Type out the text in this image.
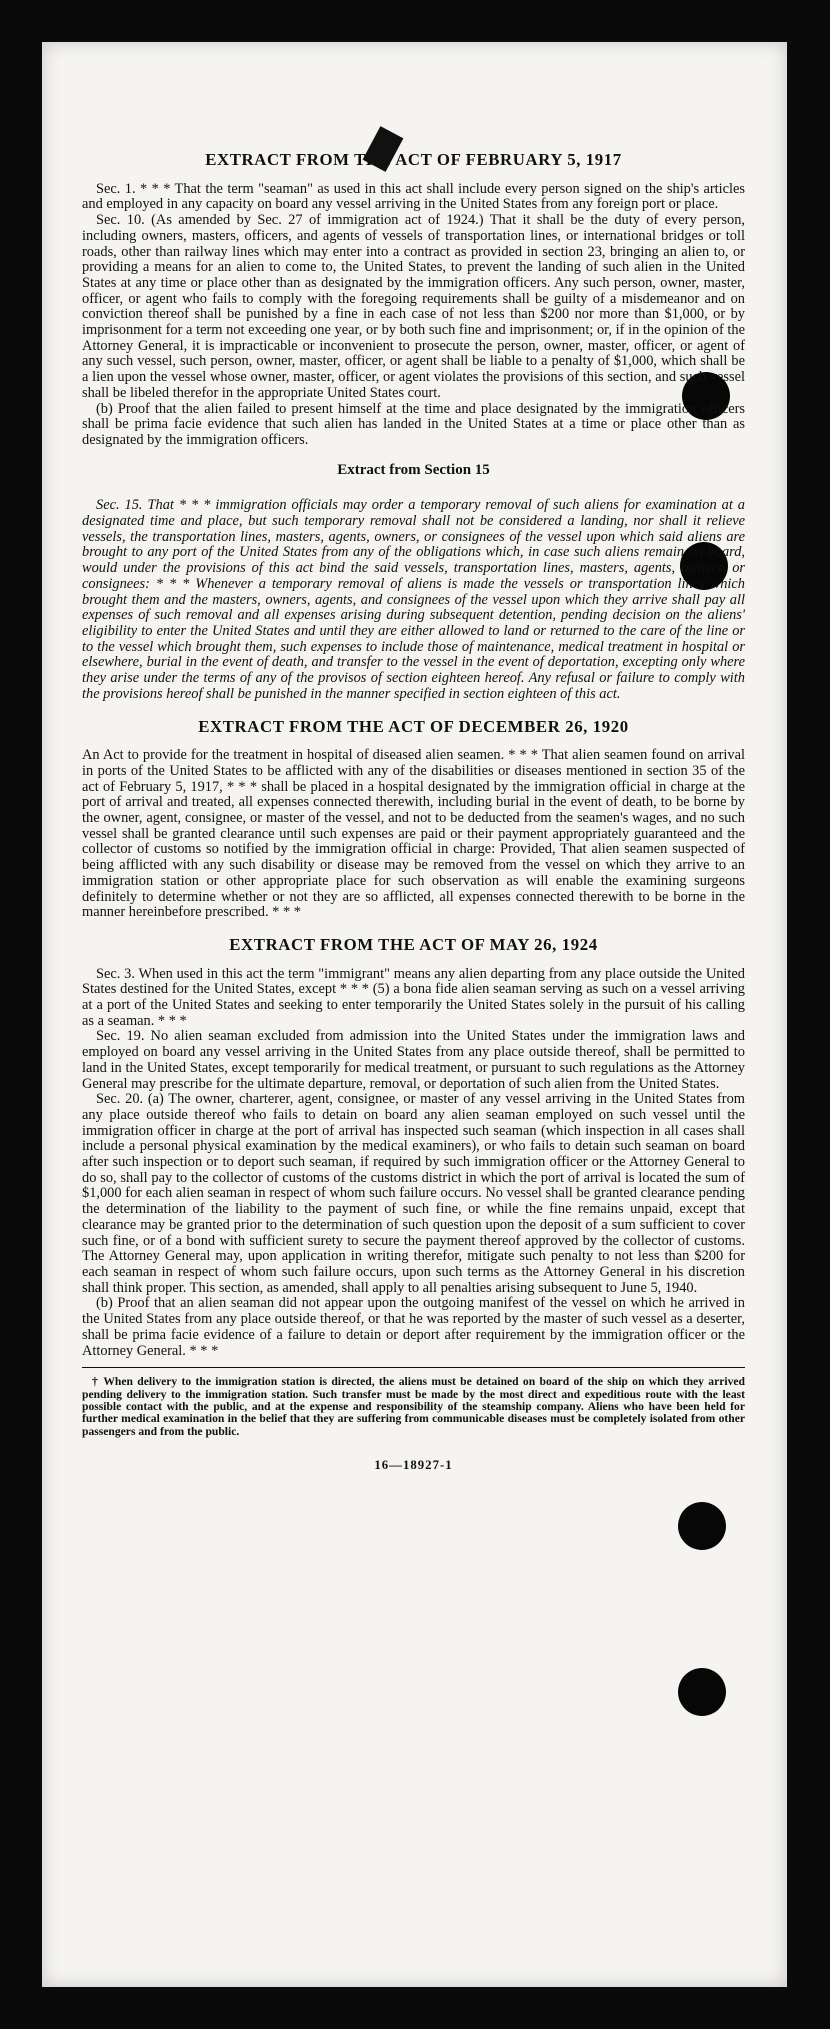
EXTRACT FROM THE ACT OF FEBRUARY 5, 1917

Sec. 1. * * * That the term "seaman" as used in this act shall include every person signed on the ship's articles and employed in any capacity on board any vessel arriving in the United States from any foreign port or place.

Sec. 10. (As amended by Sec. 27 of immigration act of 1924.) That it shall be the duty of every person, including owners, masters, officers, and agents of vessels of transportation lines, or international bridges or toll roads, other than railway lines which may enter into a contract as provided in section 23, bringing an alien to, or providing a means for an alien to come to, the United States, to prevent the landing of such alien in the United States at any time or place other than as designated by the immigration officers. Any such person, owner, master, officer, or agent who fails to comply with the foregoing requirements shall be guilty of a misdemeanor and on conviction thereof shall be punished by a fine in each case of not less than $200 nor more than $1,000, or by imprisonment for a term not exceeding one year, or by both such fine and imprisonment; or, if in the opinion of the Attorney General, it is impracticable or inconvenient to prosecute the person, owner, master, officer, or agent of any such vessel, such person, owner, master, officer, or agent shall be liable to a penalty of $1,000, which shall be a lien upon the vessel whose owner, master, officer, or agent violates the provisions of this section, and such vessel shall be libeled therefor in the appropriate United States court.

(b) Proof that the alien failed to present himself at the time and place designated by the immigration officers shall be prima facie evidence that such alien has landed in the United States at a time or place other than as designated by the immigration officers.

Extract from Section 15

Sec. 15. That * * * immigration officials may order a temporary removal of such aliens for examination at a designated time and place, but such temporary removal shall not be considered a landing, nor shall it relieve vessels, the transportation lines, masters, agents, owners, or consignees of the vessel upon which said aliens are brought to any port of the United States from any of the obligations which, in case such aliens remain on board, would under the provisions of this act bind the said vessels, transportation lines, masters, agents, owners, or consignees: * * * Whenever a temporary removal of aliens is made the vessels or transportation lines which brought them and the masters, owners, agents, and consignees of the vessel upon which they arrive shall pay all expenses of such removal and all expenses arising during subsequent detention, pending decision on the aliens' eligibility to enter the United States and until they are either allowed to land or returned to the care of the line or to the vessel which brought them, such expenses to include those of maintenance, medical treatment in hospital or elsewhere, burial in the event of death, and transfer to the vessel in the event of deportation, excepting only where they arise under the terms of any of the provisos of section eighteen hereof. Any refusal or failure to comply with the provisions hereof shall be punished in the manner specified in section eighteen of this act.

EXTRACT FROM THE ACT OF DECEMBER 26, 1920

An Act to provide for the treatment in hospital of diseased alien seamen. * * * That alien seamen found on arrival in ports of the United States to be afflicted with any of the disabilities or diseases mentioned in section 35 of the act of February 5, 1917, * * * shall be placed in a hospital designated by the immigration official in charge at the port of arrival and treated, all expenses connected therewith, including burial in the event of death, to be borne by the owner, agent, consignee, or master of the vessel, and not to be deducted from the seamen's wages, and no such vessel shall be granted clearance until such expenses are paid or their payment appropriately guaranteed and the collector of customs so notified by the immigration official in charge: Provided, That alien seamen suspected of being afflicted with any such disability or disease may be removed from the vessel on which they arrive to an immigration station or other appropriate place for such observation as will enable the examining surgeons definitely to determine whether or not they are so afflicted, all expenses connected therewith to be borne in the manner hereinbefore prescribed. * * *

EXTRACT FROM THE ACT OF MAY 26, 1924

Sec. 3. When used in this act the term "immigrant" means any alien departing from any place outside the United States destined for the United States, except * * * (5) a bona fide alien seaman serving as such on a vessel arriving at a port of the United States and seeking to enter temporarily the United States solely in the pursuit of his calling as a seaman. * * *

Sec. 19. No alien seaman excluded from admission into the United States under the immigration laws and employed on board any vessel arriving in the United States from any place outside thereof, shall be permitted to land in the United States, except temporarily for medical treatment, or pursuant to such regulations as the Attorney General may prescribe for the ultimate departure, removal, or deportation of such alien from the United States.

Sec. 20. (a) The owner, charterer, agent, consignee, or master of any vessel arriving in the United States from any place outside thereof who fails to detain on board any alien seaman employed on such vessel until the immigration officer in charge at the port of arrival has inspected such seaman (which inspection in all cases shall include a personal physical examination by the medical examiners), or who fails to detain such seaman on board after such inspection or to deport such seaman, if required by such immigration officer or the Attorney General to do so, shall pay to the collector of customs of the customs district in which the port of arrival is located the sum of $1,000 for each alien seaman in respect of whom such failure occurs. No vessel shall be granted clearance pending the determination of the liability to the payment of such fine, or while the fine remains unpaid, except that clearance may be granted prior to the determination of such question upon the deposit of a sum sufficient to cover such fine, or of a bond with sufficient surety to secure the payment thereof approved by the collector of customs. The Attorney General may, upon application in writing therefor, mitigate such penalty to not less than $200 for each seaman in respect of whom such failure occurs, upon such terms as the Attorney General in his discretion shall think proper. This section, as amended, shall apply to all penalties arising subsequent to June 5, 1940.

(b) Proof that an alien seaman did not appear upon the outgoing manifest of the vessel on which he arrived in the United States from any place outside thereof, or that he was reported by the master of such vessel as a deserter, shall be prima facie evidence of a failure to detain or deport after requirement by the immigration officer or the Attorney General. * * *

† When delivery to the immigration station is directed, the aliens must be detained on board of the ship on which they arrived pending delivery to the immigration station. Such transfer must be made by the most direct and expeditious route with the least possible contact with the public, and at the expense and responsibility of the steamship company. Aliens who have been held for further medical examination in the belief that they are suffering from communicable diseases must be completely isolated from other passengers and from the public.

16—18927-1
